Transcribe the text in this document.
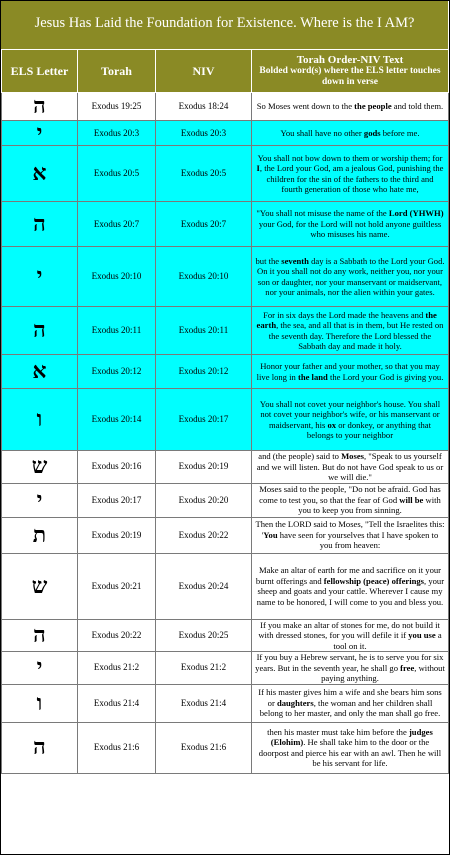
Jesus Has Laid the Foundation for Existence. Where is the I AM?
ELS Letter	Torah	NIV	Torah Order-NIV Text
Bolded word(s) where the ELS letter touches down in verse

ה	Exodus 19:25	Exodus 18:24	So Moses went down to the the people and told them.
י	Exodus 20:3	Exodus 20:3	You shall have no other gods before me.
א	Exodus 20:5	Exodus 20:5	You shall not bow down to them or worship them; for I, the Lord your God, am a jealous God, punishing the children for the sin of the fathers to the third and fourth generation of those who hate me,
ה	Exodus 20:7	Exodus 20:7	"You shall not misuse the name of the Lord (YHWH) your God, for the Lord will not hold anyone guiltless who misuses his name.
י	Exodus 20:10	Exodus 20:10	but the seventh day is a Sabbath to the Lord your God. On it you shall not do any work, neither you, nor your son or daughter, nor your manservant or maidservant, nor your animals, nor the alien within your gates.
ה	Exodus 20:11	Exodus 20:11	For in six days the Lord made the heavens and the earth, the sea, and all that is in them, but He rested on the seventh day. Therefore the Lord blessed the Sabbath day and made it holy.
א	Exodus 20:12	Exodus 20:12	Honor your father and your mother, so that you may live long in the land the Lord your God is giving you.
ו	Exodus 20:14	Exodus 20:17	You shall not covet your neighbor's house. You shall not covet your neighbor's wife, or his manservant or maidservant, his ox or donkey, or anything that belongs to your neighbor
ש	Exodus 20:16	Exodus 20:19	and (the people) said to Moses, "Speak to us yourself and we will listen. But do not have God speak to us or we will die."
י	Exodus 20:17	Exodus 20:20	Moses said to the people, "Do not be afraid. God has come to test you, so that the fear of God will be with you to keep you from sinning.
ת	Exodus 20:19	Exodus 20:22	Then the LORD said to Moses, "Tell the Israelites this: 'You have seen for yourselves that I have spoken to you from heaven:
ש	Exodus 20:21	Exodus 20:24	Make an altar of earth for me and sacrifice on it your burnt offerings and fellowship (peace) offerings, your sheep and goats and your cattle. Wherever I cause my name to be honored, I will come to you and bless you.
ה	Exodus 20:22	Exodus 20:25	If you make an altar of stones for me, do not build it with dressed stones, for you will defile it if you use a tool on it.
י	Exodus 21:2	Exodus 21:2	If you buy a Hebrew servant, he is to serve you for six years. But in the seventh year, he shall go free, without paying anything.
ו	Exodus 21:4	Exodus 21:4	If his master gives him a wife and she bears him sons or daughters, the woman and her children shall belong to her master, and only the man shall go free.
ה	Exodus 21:6	Exodus 21:6	then his master must take him before the judges (Elohim). He shall take him to the door or the doorpost and pierce his ear with an awl. Then he will be his servant for life.
